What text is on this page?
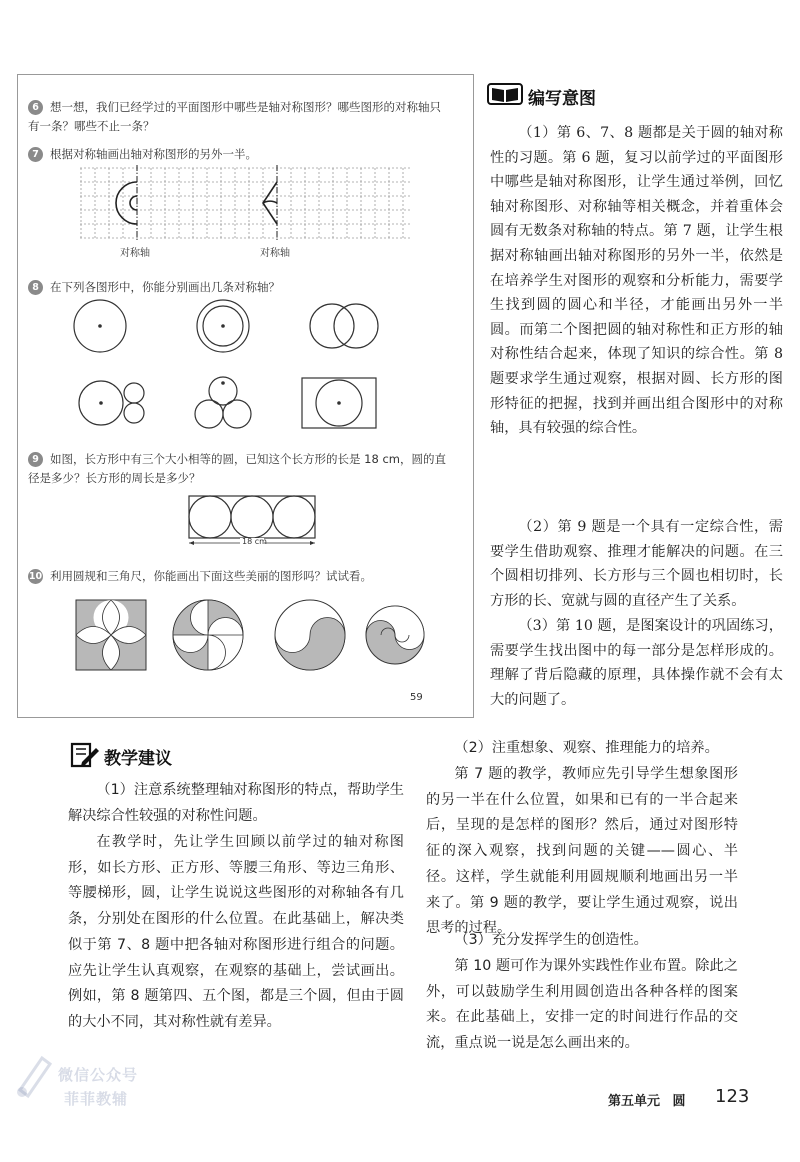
6 想一想，我们已经学过的平面图形中哪些是轴对称图形？哪些图形的对称轴只有一条？哪些不止一条？
7 根据对称轴画出轴对称图形的另外一半。
对称轴	对称轴
8 在下列各图形中，你能分别画出几条对称轴？
9 如图，长方形中有三个大小相等的圆，已知这个长方形的长是 18 cm，圆的直径是多少？长方形的周长是多少？
18 cm
10 利用圆规和三角尺，你能画出下面这些美丽的图形吗？试试看。
59
编写意图

（1）第 6、7、8 题都是关于圆的轴对称性的习题。第 6 题，复习以前学过的平面图形中哪些是轴对称图形，让学生通过举例，回忆轴对称图形、对称轴等相关概念，并着重体会圆有无数条对称轴的特点。第 7 题，让学生根据对称轴画出轴对称图形的另外一半，依然是在培养学生对图形的观察和分析能力，需要学生找到圆的圆心和半径，才能画出另外一半圆。而第二个图把圆的轴对称性和正方形的轴对称性结合起来，体现了知识的综合性。第 8 题要求学生通过观察，根据对圆、长方形的图形特征的把握，找到并画出组合图形中的对称轴，具有较强的综合性。

（2）第 9 题是一个具有一定综合性，需要学生借助观察、推理才能解决的问题。在三个圆相切排列、长方形与三个圆也相切时，长方形的长、宽就与圆的直径产生了关系。

（3）第 10 题，是图案设计的巩固练习，需要学生找出图中的每一部分是怎样形成的。理解了背后隐藏的原理，具体操作就不会有太大的问题了。

教学建议

（1）注意系统整理轴对称图形的特点，帮助学生解决综合性较强的对称性问题。

在教学时，先让学生回顾以前学过的轴对称图形，如长方形、正方形、等腰三角形、等边三角形、等腰梯形，圆，让学生说说这些图形的对称轴各有几条，分别处在图形的什么位置。在此基础上，解决类似于第 7、8 题中把各轴对称图形进行组合的问题。应先让学生认真观察，在观察的基础上，尝试画出。例如，第 8 题第四、五个图，都是三个圆，但由于圆的大小不同，其对称性就有差异。

（2）注重想象、观察、推理能力的培养。

第 7 题的教学，教师应先引导学生想象图形的另一半在什么位置，如果和已有的一半合起来后，呈现的是怎样的图形？然后，通过对图形特征的深入观察，找到问题的关键——圆心、半径。这样，学生就能利用圆规顺利地画出另一半来了。第 9 题的教学，要让学生通过观察，说出思考的过程。

（3）充分发挥学生的创造性。

第 10 题可作为课外实践性作业布置。除此之外，可以鼓励学生利用圆创造出各种各样的图案来。在此基础上，安排一定的时间进行作品的交流，重点说一说是怎么画出来的。

第五单元 圆 123
微信公众号
菲菲教辅
